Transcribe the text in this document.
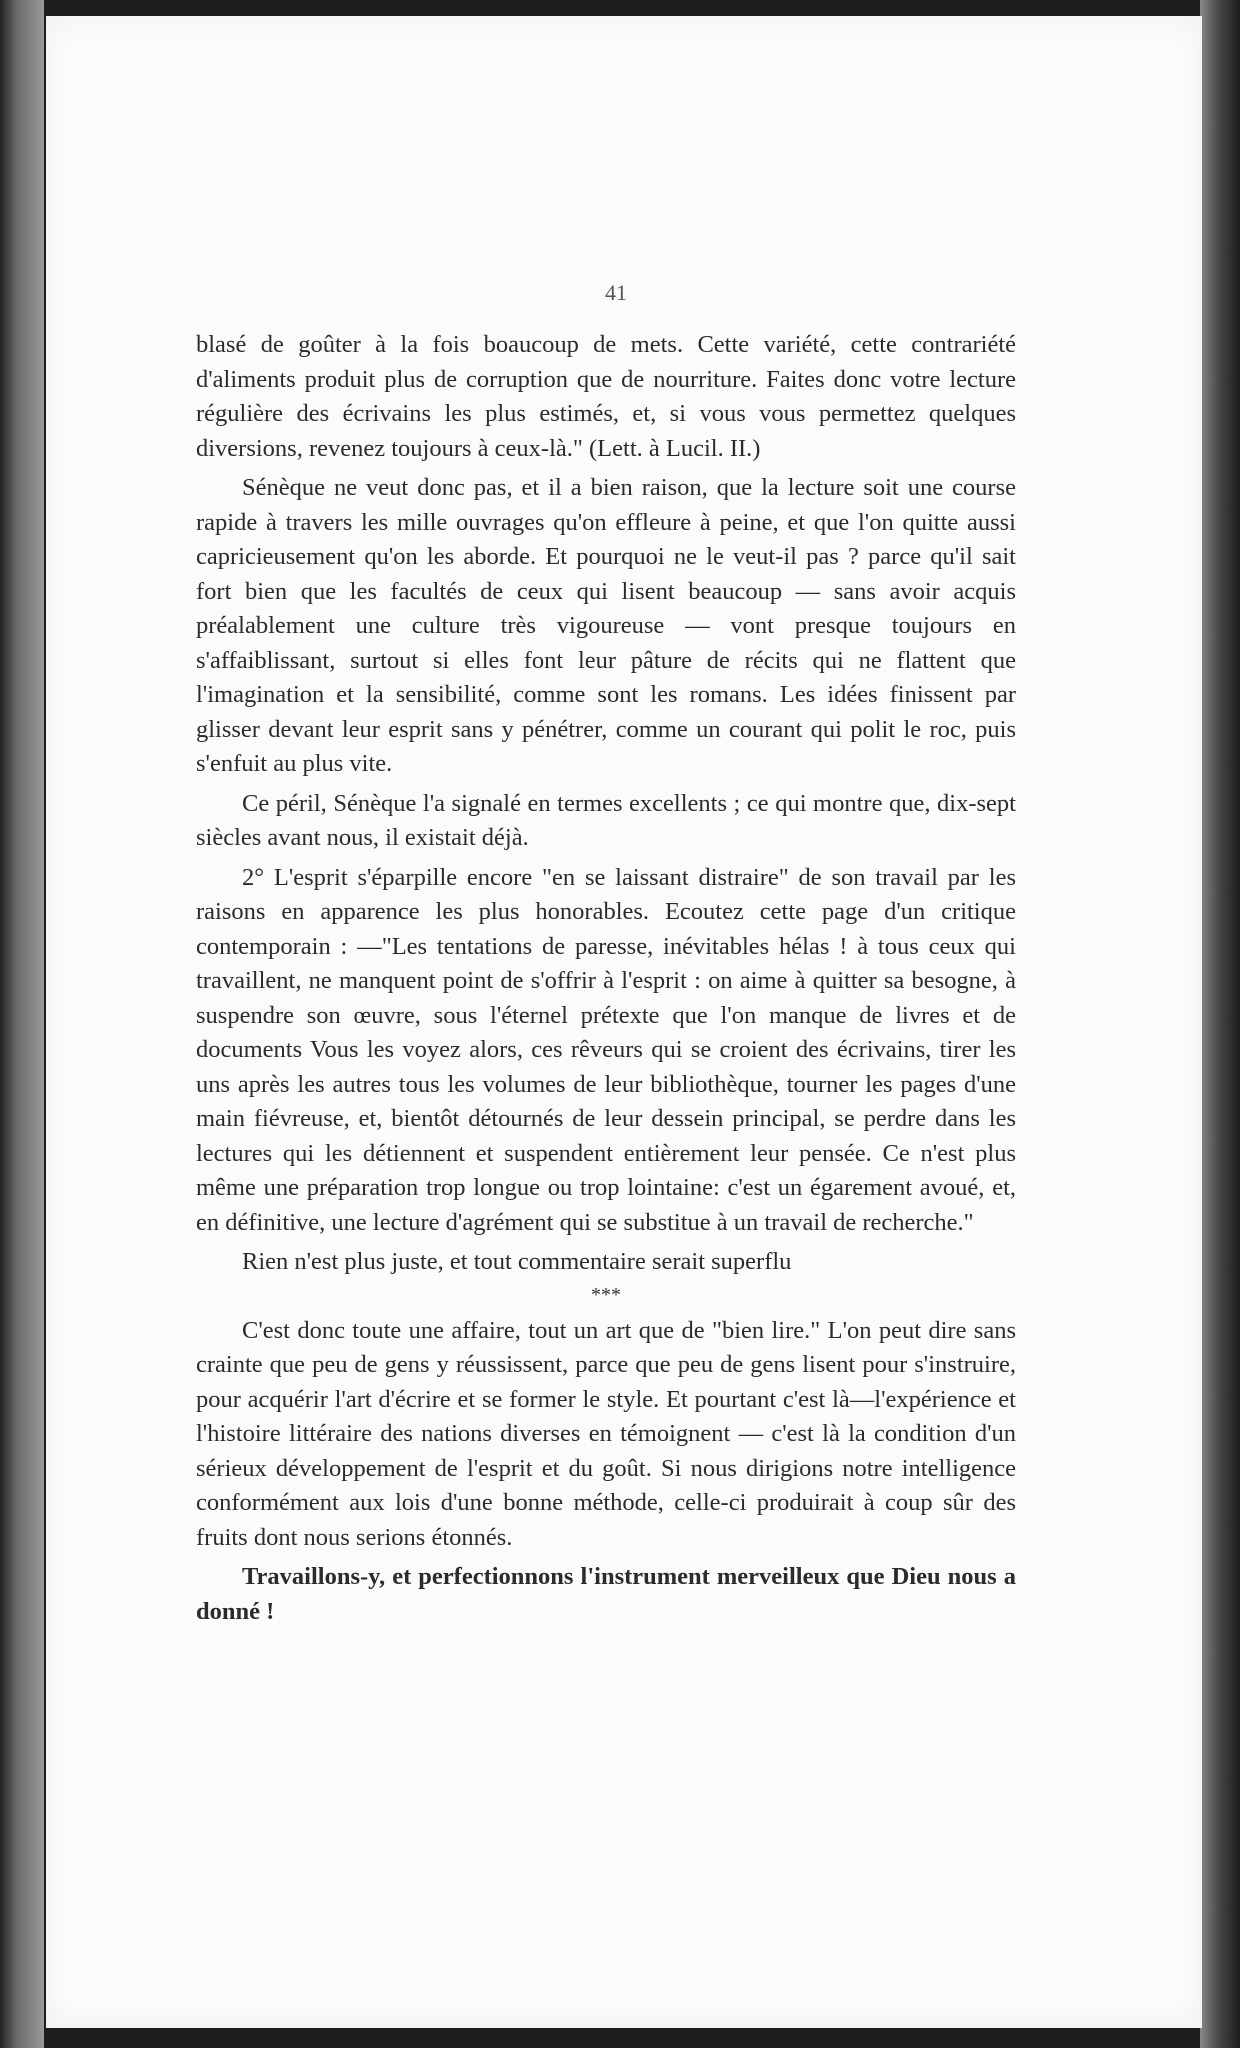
41

blasé de goûter à la fois boaucoup de mets. Cette variété, cette contrariété d'aliments produit plus de corruption que de nourriture. Faites donc votre lecture régulière des écrivains les plus estimés, et, si vous vous permettez quelques diversions, revenez toujours à ceux-là." (Lett. à Lucil. II.)

Sénèque ne veut donc pas, et il a bien raison, que la lecture soit une course rapide à travers les mille ouvrages qu'on effleure à peine, et que l'on quitte aussi capricieusement qu'on les aborde. Et pourquoi ne le veut-il pas ? parce qu'il sait fort bien que les facultés de ceux qui lisent beaucoup — sans avoir acquis préalablement une culture très vigoureuse — vont presque toujours en s'affaiblissant, surtout si elles font leur pâture de récits qui ne flattent que l'imagination et la sensibilité, comme sont les romans. Les idées finissent par glisser devant leur esprit sans y pénétrer, comme un courant qui polit le roc, puis s'enfuit au plus vite.

Ce péril, Sénèque l'a signalé en termes excellents ; ce qui montre que, dix-sept siècles avant nous, il existait déjà.

2° L'esprit s'éparpille encore "en se laissant distraire" de son travail par les raisons en apparence les plus honorables. Ecoutez cette page d'un critique contemporain : —"Les tentations de paresse, inévitables hélas ! à tous ceux qui travaillent, ne manquent point de s'offrir à l'esprit : on aime à quitter sa besogne, à suspendre son œuvre, sous l'éternel prétexte que l'on manque de livres et de documents Vous les voyez alors, ces rêveurs qui se croient des écrivains, tirer les uns après les autres tous les volumes de leur bibliothèque, tourner les pages d'une main fiévreuse, et, bientôt détournés de leur dessein principal, se perdre dans les lectures qui les détiennent et suspendent entièrement leur pensée. Ce n'est plus même une préparation trop longue ou trop lointaine: c'est un égarement avoué, et, en définitive, une lecture d'agrément qui se substitue à un travail de recherche."

Rien n'est plus juste, et tout commentaire serait superflu

***

C'est donc toute une affaire, tout un art que de "bien lire." L'on peut dire sans crainte que peu de gens y réussissent, parce que peu de gens lisent pour s'instruire, pour acquérir l'art d'écrire et se former le style. Et pourtant c'est là—l'expérience et l'histoire littéraire des nations diverses en témoignent — c'est là la condition d'un sérieux développement de l'esprit et du goût. Si nous dirigions notre intelligence conformément aux lois d'une bonne méthode, celle-ci produirait à coup sûr des fruits dont nous serions étonnés.

Travaillons-y, et perfectionnons l'instrument merveilleux que Dieu nous a donné !
